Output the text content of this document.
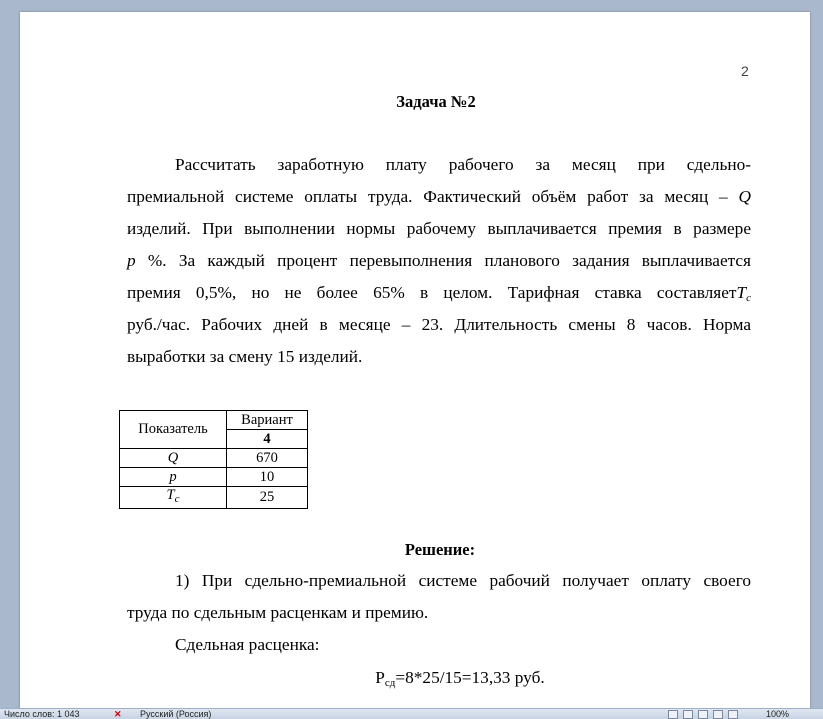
2
Задача №2
Рассчитать заработную плату рабочего за месяц при сдельно-
премиальной системе оплаты труда. Фактический объём работ за месяц – Q
изделий. При выполнении нормы рабочему выплачивается премия в размере
p %. За каждый процент перевыполнения планового задания выплачивается
премия 0,5%, но не более 65% в целом. Тарифная ставка составляетT$_c$
руб./час. Рабочих дней в месяце – 23. Длительность смены 8 часов. Норма
выработки за смену 15 изделий.
Показатель	Вариант
	4
Q	670
p	10
$T_c$	25
Решение:
1) При сдельно-премиальной системе рабочий получает оплату своего
труда по сдельным расценкам и премию.
Сдельная расценка:
Рсд=8*25/15=13,33 руб.
Число слов: 1 043	✕ Русский (Россия)	100%
